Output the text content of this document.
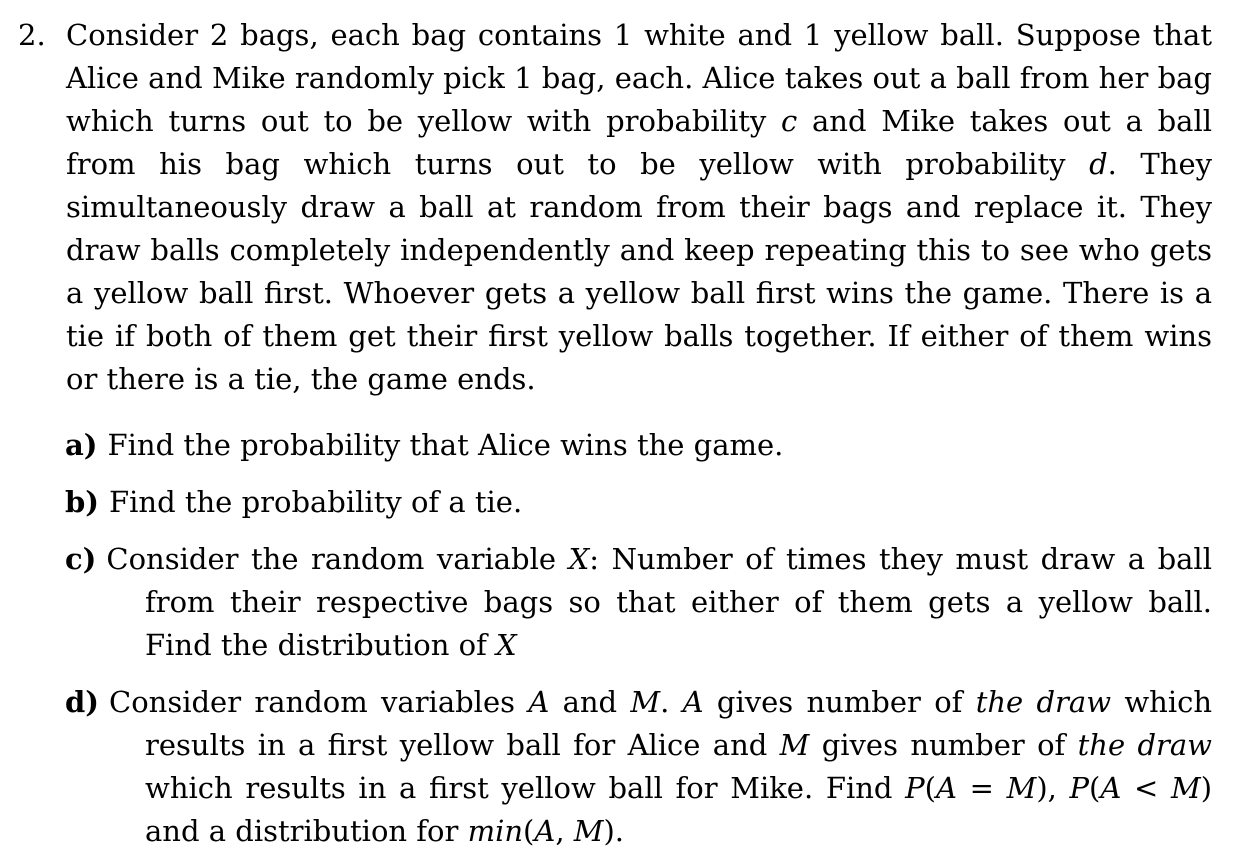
2. Consider 2 bags, each bag contains 1 white and 1 yellow ball. Suppose that Alice and Mike randomly pick 1 bag, each. Alice takes out a ball from her bag which turns out to be yellow with probability c and Mike takes out a ball from his bag which turns out to be yellow with probability d. They simultaneously draw a ball at random from their bags and replace it. They draw balls completely independently and keep repeating this to see who gets a yellow ball first. Whoever gets a yellow ball first wins the game. There is a tie if both of them get their first yellow balls together. If either of them wins or there is a tie, the game ends.
a) Find the probability that Alice wins the game.
b) Find the probability of a tie.
c) Consider the random variable X: Number of times they must draw a ball from their respective bags so that either of them gets a yellow ball. Find the distribution of X
d) Consider random variables A and M. A gives number of the draw which results in a first yellow ball for Alice and M gives number of the draw which results in a first yellow ball for Mike. Find P(A = M), P(A < M) and a distribution for min(A, M).
